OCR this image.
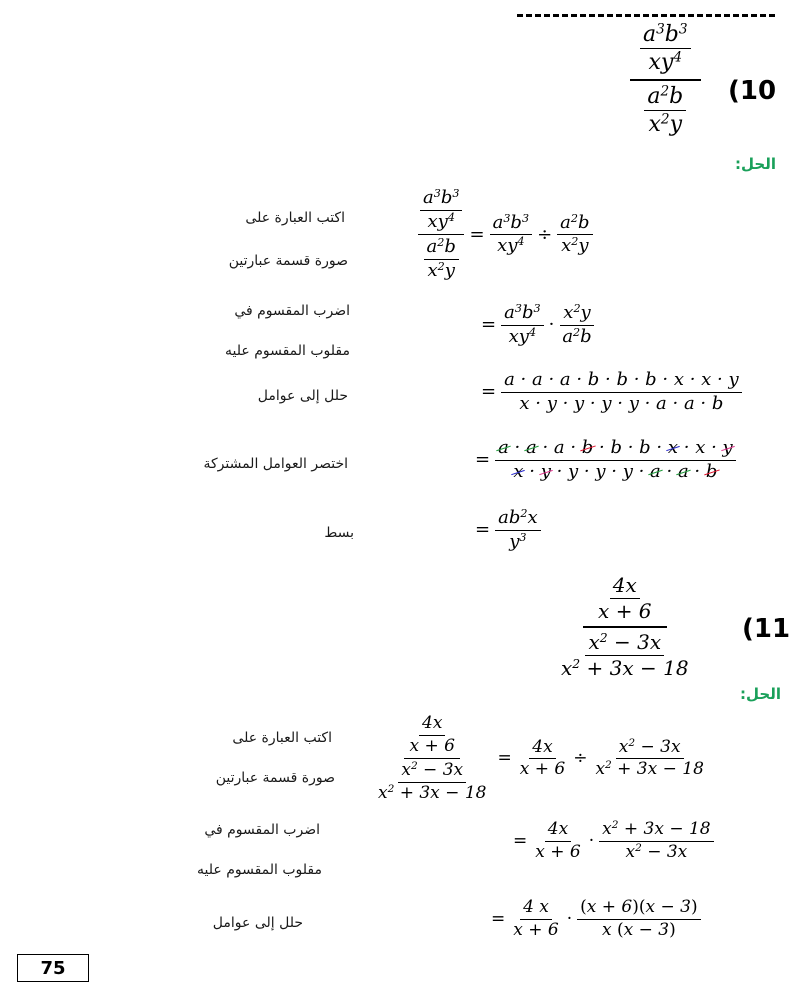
(10
$\frac{\frac{a^3b^3}{xy^4}}{\frac{a^2b}{x^2y}}$
الحل:
اكتب العبارة على
صورة قسمة عبارتين	$\frac{\frac{a^3b^3}{xy^4}}{\frac{a^2b}{x^2y}} = \frac{a^3b^3}{xy^4} \div \frac{a^2b}{x^2y}$
اضرب المقسوم في
مقلوب المقسوم عليه
= $\frac{a^3b^3}{xy^4} \cdot \frac{x^2y}{a^2b}$
حلل إلى عوامل	= $\frac{a \cdot a \cdot a \cdot b \cdot b \cdot b \cdot x \cdot x \cdot y}{x \cdot y \cdot y \cdot y \cdot y \cdot a \cdot a \cdot b}$
اختصر العوامل المشتركة	= $\frac{a \cdot a \cdot a \cdot b \cdot b \cdot b \cdot x \cdot x \cdot y}{x \cdot y \cdot y \cdot y \cdot y \cdot a \cdot a \cdot b}$
بسط	= $\frac{ab^2x}{y^3}$
(11
$\frac{\frac{4x}{x + 6}}{\frac{x^2 - 3x}{x^2 + 3x - 18}}$
الحل:
اكتب العبارة على
صورة قسمة عبارتين $\frac{\frac{4x}{x + 6}}{\frac{x^2 - 3x}{x^2 + 3x - 18}} = \frac{4x}{x + 6} \div \frac{x^2 - 3x}{x^2 + 3x - 18}$
اضرب المقسوم في
مقلوب المقسوم عليه
= $\frac{4x}{x + 6} \cdot \frac{x^2 + 3x - 18}{x^2 - 3x}$
حلل إلى عوامل	= $\frac{4 x}{x + 6} \cdot \frac{(x + 6)(x - 3)}{x (x - 3)}$
75
